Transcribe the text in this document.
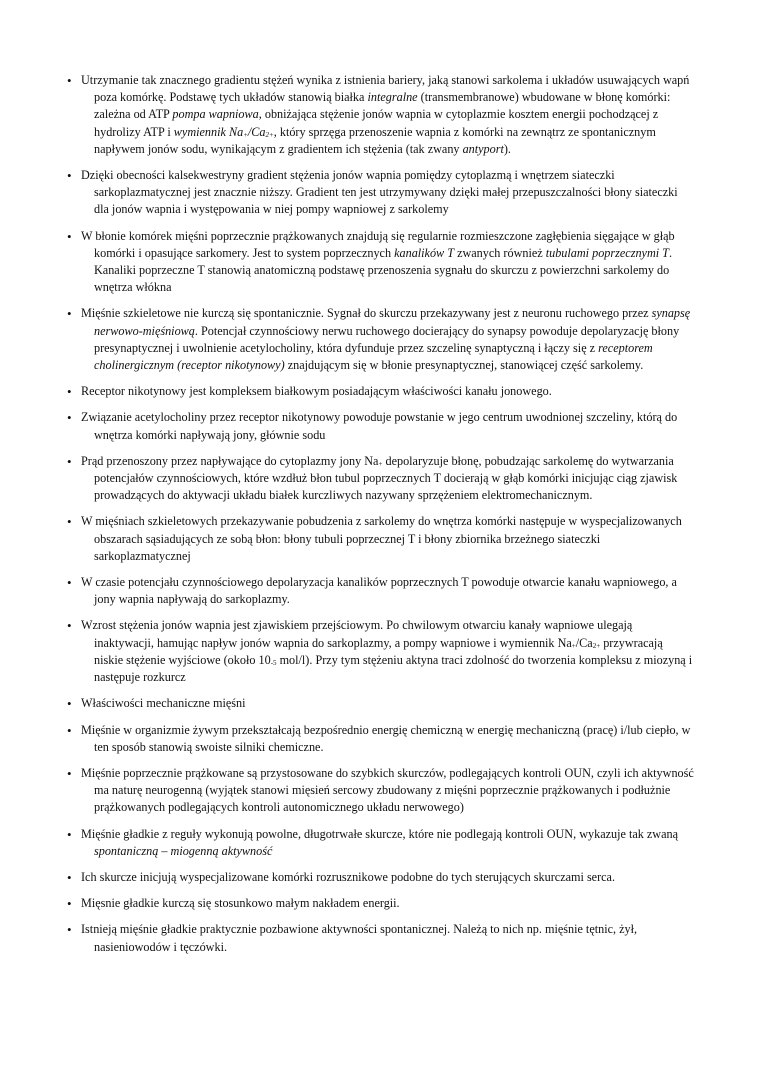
• Utrzymanie tak znacznego gradientu stężeń wynika z istnienia bariery, jaką stanowi sarkolema i układów usuwających wapń poza komórkę. Podstawę tych układów stanowią białka integralne (transmembranowe) wbudowane w błonę komórki: zależna od ATP pompa wapniowa, obniżająca stężenie jonów wapnia w cytoplazmie kosztem energii pochodzącej z hydrolizy ATP i wymiennik $Na_+/Ca_{2+}$, który sprzęga przenoszenie wapnia z komórki na zewnątrz ze spontanicznym napływem jonów sodu, wynikającym z gradientem ich stężenia (tak zwany antyport).
• Dzięki obecności kalsekwestryny gradient stężenia jonów wapnia pomiędzy cytoplazmą i wnętrzem siateczki sarkoplazmatycznej jest znacznie niższy. Gradient ten jest utrzymywany dzięki małej przepuszczalności błony siateczki dla jonów wapnia i występowania w niej pompy wapniowej z sarkolemy
• W błonie komórek mięśni poprzecznie prążkowanych znajdują się regularnie rozmieszczone zagłębienia sięgające w głąb komórki i opasujące sarkomery. Jest to system poprzecznych kanalików T zwanych również tubulami poprzecznymi T. Kanaliki poprzeczne T stanowią anatomiczną podstawę przenoszenia sygnału do skurczu z powierzchni sarkolemy do wnętrza włókna
• Mięśnie szkieletowe nie kurczą się spontanicznie. Sygnał do skurczu przekazywany jest z neuronu ruchowego przez synapsę nerwowo-mięśniową. Potencjał czynnościowy nerwu ruchowego docierający do synapsy powoduje depolaryzację błony presynaptycznej i uwolnienie acetylocholiny, która dyfunduje przez szczelinę synaptyczną i łączy się z receptorem cholinergicznym (receptor nikotynowy) znajdującym się w błonie presynaptycznej, stanowiącej część sarkolemy.
• Receptor nikotynowy jest kompleksem białkowym posiadającym właściwości kanału jonowego.
• Związanie acetylocholiny przez receptor nikotynowy powoduje powstanie w jego centrum uwodnionej szczeliny, którą do wnętrza komórki napływają jony, głównie sodu
• Prąd przenoszony przez napływające do cytoplazmy jony $Na_+$ depolaryzuje błonę, pobudzając sarkolemę do wytwarzania potencjałów czynnościowych, które wzdłuż błon tubul poprzecznych T docierają w głąb komórki inicjując ciąg zjawisk prowadzących do aktywacji układu białek kurczliwych nazywany sprzężeniem elektromechanicznym.
• W mięśniach szkieletowych przekazywanie pobudzenia z sarkolemy do wnętrza komórki następuje w wyspecjalizowanych obszarach sąsiadujących ze sobą błon: błony tubuli poprzecznej T i błony zbiornika brzeżnego siateczki sarkoplazmatycznej
• W czasie potencjału czynnościowego depolaryzacja kanalików poprzecznych T powoduje otwarcie kanału wapniowego, a jony wapnia napływają do sarkoplazmy.
• Wzrost stężenia jonów wapnia jest zjawiskiem przejściowym. Po chwilowym otwarciu kanały wapniowe ulegają inaktywacji, hamując napływ jonów wapnia do sarkoplazmy, a pompy wapniowe i wymiennik $Na_+/Ca_{2+}$ przywracają niskie stężenie wyjściowe (około $10_{-5}$ mol/l). Przy tym stężeniu aktyna traci zdolność do tworzenia kompleksu z miozyną i następuje rozkurcz
• Właściwości mechaniczne mięśni
• Mięśnie w organizmie żywym przekształcają bezpośrednio energię chemiczną w energię mechaniczną (pracę) i/lub ciepło, w ten sposób stanowią swoiste silniki chemiczne.
• Mięśnie poprzecznie prążkowane są przystosowane do szybkich skurczów, podlegających kontroli OUN, czyli ich aktywność ma naturę neurogenną (wyjątek stanowi mięsień sercowy zbudowany z mięśni poprzecznie prążkowanych i podłużnie prążkowanych podlegających kontroli autonomicznego układu nerwowego)
• Mięśnie gładkie z reguły wykonują powolne, długotrwałe skurcze, które nie podlegają kontroli OUN, wykazuje tak zwaną spontaniczną – miogenną aktywność
• Ich skurcze inicjują wyspecjalizowane komórki rozrusznikowe podobne do tych sterujących skurczami serca.
• Mięsnie gładkie kurczą się stosunkowo małym nakładem energii.
• Istnieją mięśnie gładkie praktycznie pozbawione aktywności spontanicznej. Należą to nich np. mięśnie tętnic, żył, nasieniowodów i tęczówki.
